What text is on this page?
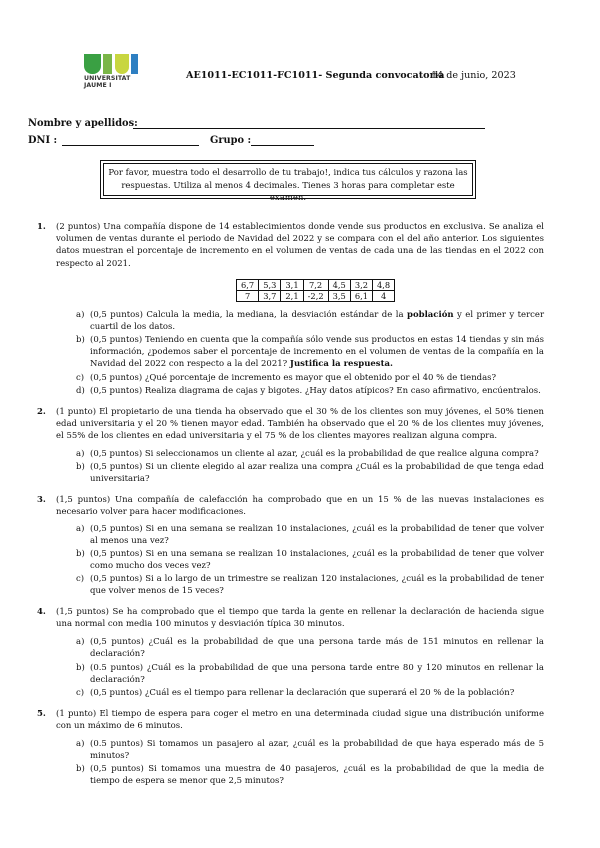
UNIVERSITAT
JAUME I
AE1011-EC1011-FC1011- Segunda convocatoria
14 de junio, 2023
Nombre y apellidos:
DNI :	Grupo :
Por favor, muestra todo el desarrollo de tu trabajo!, indica tus cálculos y razona las
respuestas. Utiliza al menos 4 decimales. Tienes 3 horas para completar este examen.
1. (2 puntos) Una compañía dispone de 14 establecimientos donde vende sus productos en exclusiva. Se analiza el volumen de ventas durante el periodo de Navidad del 2022 y se compara con el del año anterior. Los siguientes datos muestran el porcentaje de incremento en el volumen de ventas de cada una de las tiendas en el 2022 con respecto al 2021.
6,7	5,3	3,1	7,2	4,5	3,2	4,8
7	3,7	2,1	-2,2	3,5	6,1	4
a) (0,5 puntos) Calcula la media, la mediana, la desviación estándar de la población y el primer y tercer cuartil de los datos.
b) (0,5 puntos) Teniendo en cuenta que la compañía sólo vende sus productos en estas 14 tiendas y sin más información, ¿podemos saber el porcentaje de incremento en el volumen de ventas de la compañía en la Navidad del 2022 con respecto a la del 2021? Justifica la respuesta.
c) (0,5 puntos) ¿Qué porcentaje de incremento es mayor que el obtenido por el 40 % de tiendas?
d) (0,5 puntos) Realiza diagrama de cajas y bigotes. ¿Hay datos atípicos? En caso afirmativo, encúentralos.
2. (1 punto) El propietario de una tienda ha observado que el 30 % de los clientes son muy jóvenes, el 50% tienen edad universitaria y el 20 % tienen mayor edad. También ha observado que el 20 % de los clientes muy jóvenes, el 55% de los clientes en edad universitaria y el 75 % de los clientes mayores realizan alguna compra.
a) (0,5 puntos) Si seleccionamos un cliente al azar, ¿cuál es la probabilidad de que realice alguna compra?
b) (0,5 puntos) Si un cliente elegido al azar realiza una compra ¿Cuál es la probabilidad de que tenga edad universitaria?
3. (1,5 puntos) Una compañía de calefacción ha comprobado que en un 15 % de las nuevas instalaciones es necesario volver para hacer modificaciones.
a) (0,5 puntos) Si en una semana se realizan 10 instalaciones, ¿cuál es la probabilidad de tener que volver al menos una vez?
b) (0,5 puntos) Si en una semana se realizan 10 instalaciones, ¿cuál es la probabilidad de tener que volver como mucho dos veces vez?
c) (0,5 puntos) Si a lo largo de un trimestre se realizan 120 instalaciones, ¿cuál es la probabilidad de tener que volver menos de 15 veces?
4. (1,5 puntos) Se ha comprobado que el tiempo que tarda la gente en rellenar la declaración de hacienda sigue una normal con media 100 minutos y desviación típica 30 minutos.
a) (0,5 puntos) ¿Cuál es la probabilidad de que una persona tarde más de 151 minutos en rellenar la declaración?
b) (0.5 puntos) ¿Cuál es la probabilidad de que una persona tarde entre 80 y 120 minutos en rellenar la declaración?
c) (0,5 puntos) ¿Cuál es el tiempo para rellenar la declaración que superará el 20 % de la población?
5. (1 punto) El tiempo de espera para coger el metro en una determinada ciudad sigue una distribución uniforme con un máximo de 6 minutos.
a) (0.5 puntos) Si tomamos un pasajero al azar, ¿cuál es la probabilidad de que haya esperado más de 5 minutos?
b) (0,5 puntos) Si tomamos una muestra de 40 pasajeros, ¿cuál es la probabilidad de que la media de tiempo de espera se menor que 2,5 minutos?
